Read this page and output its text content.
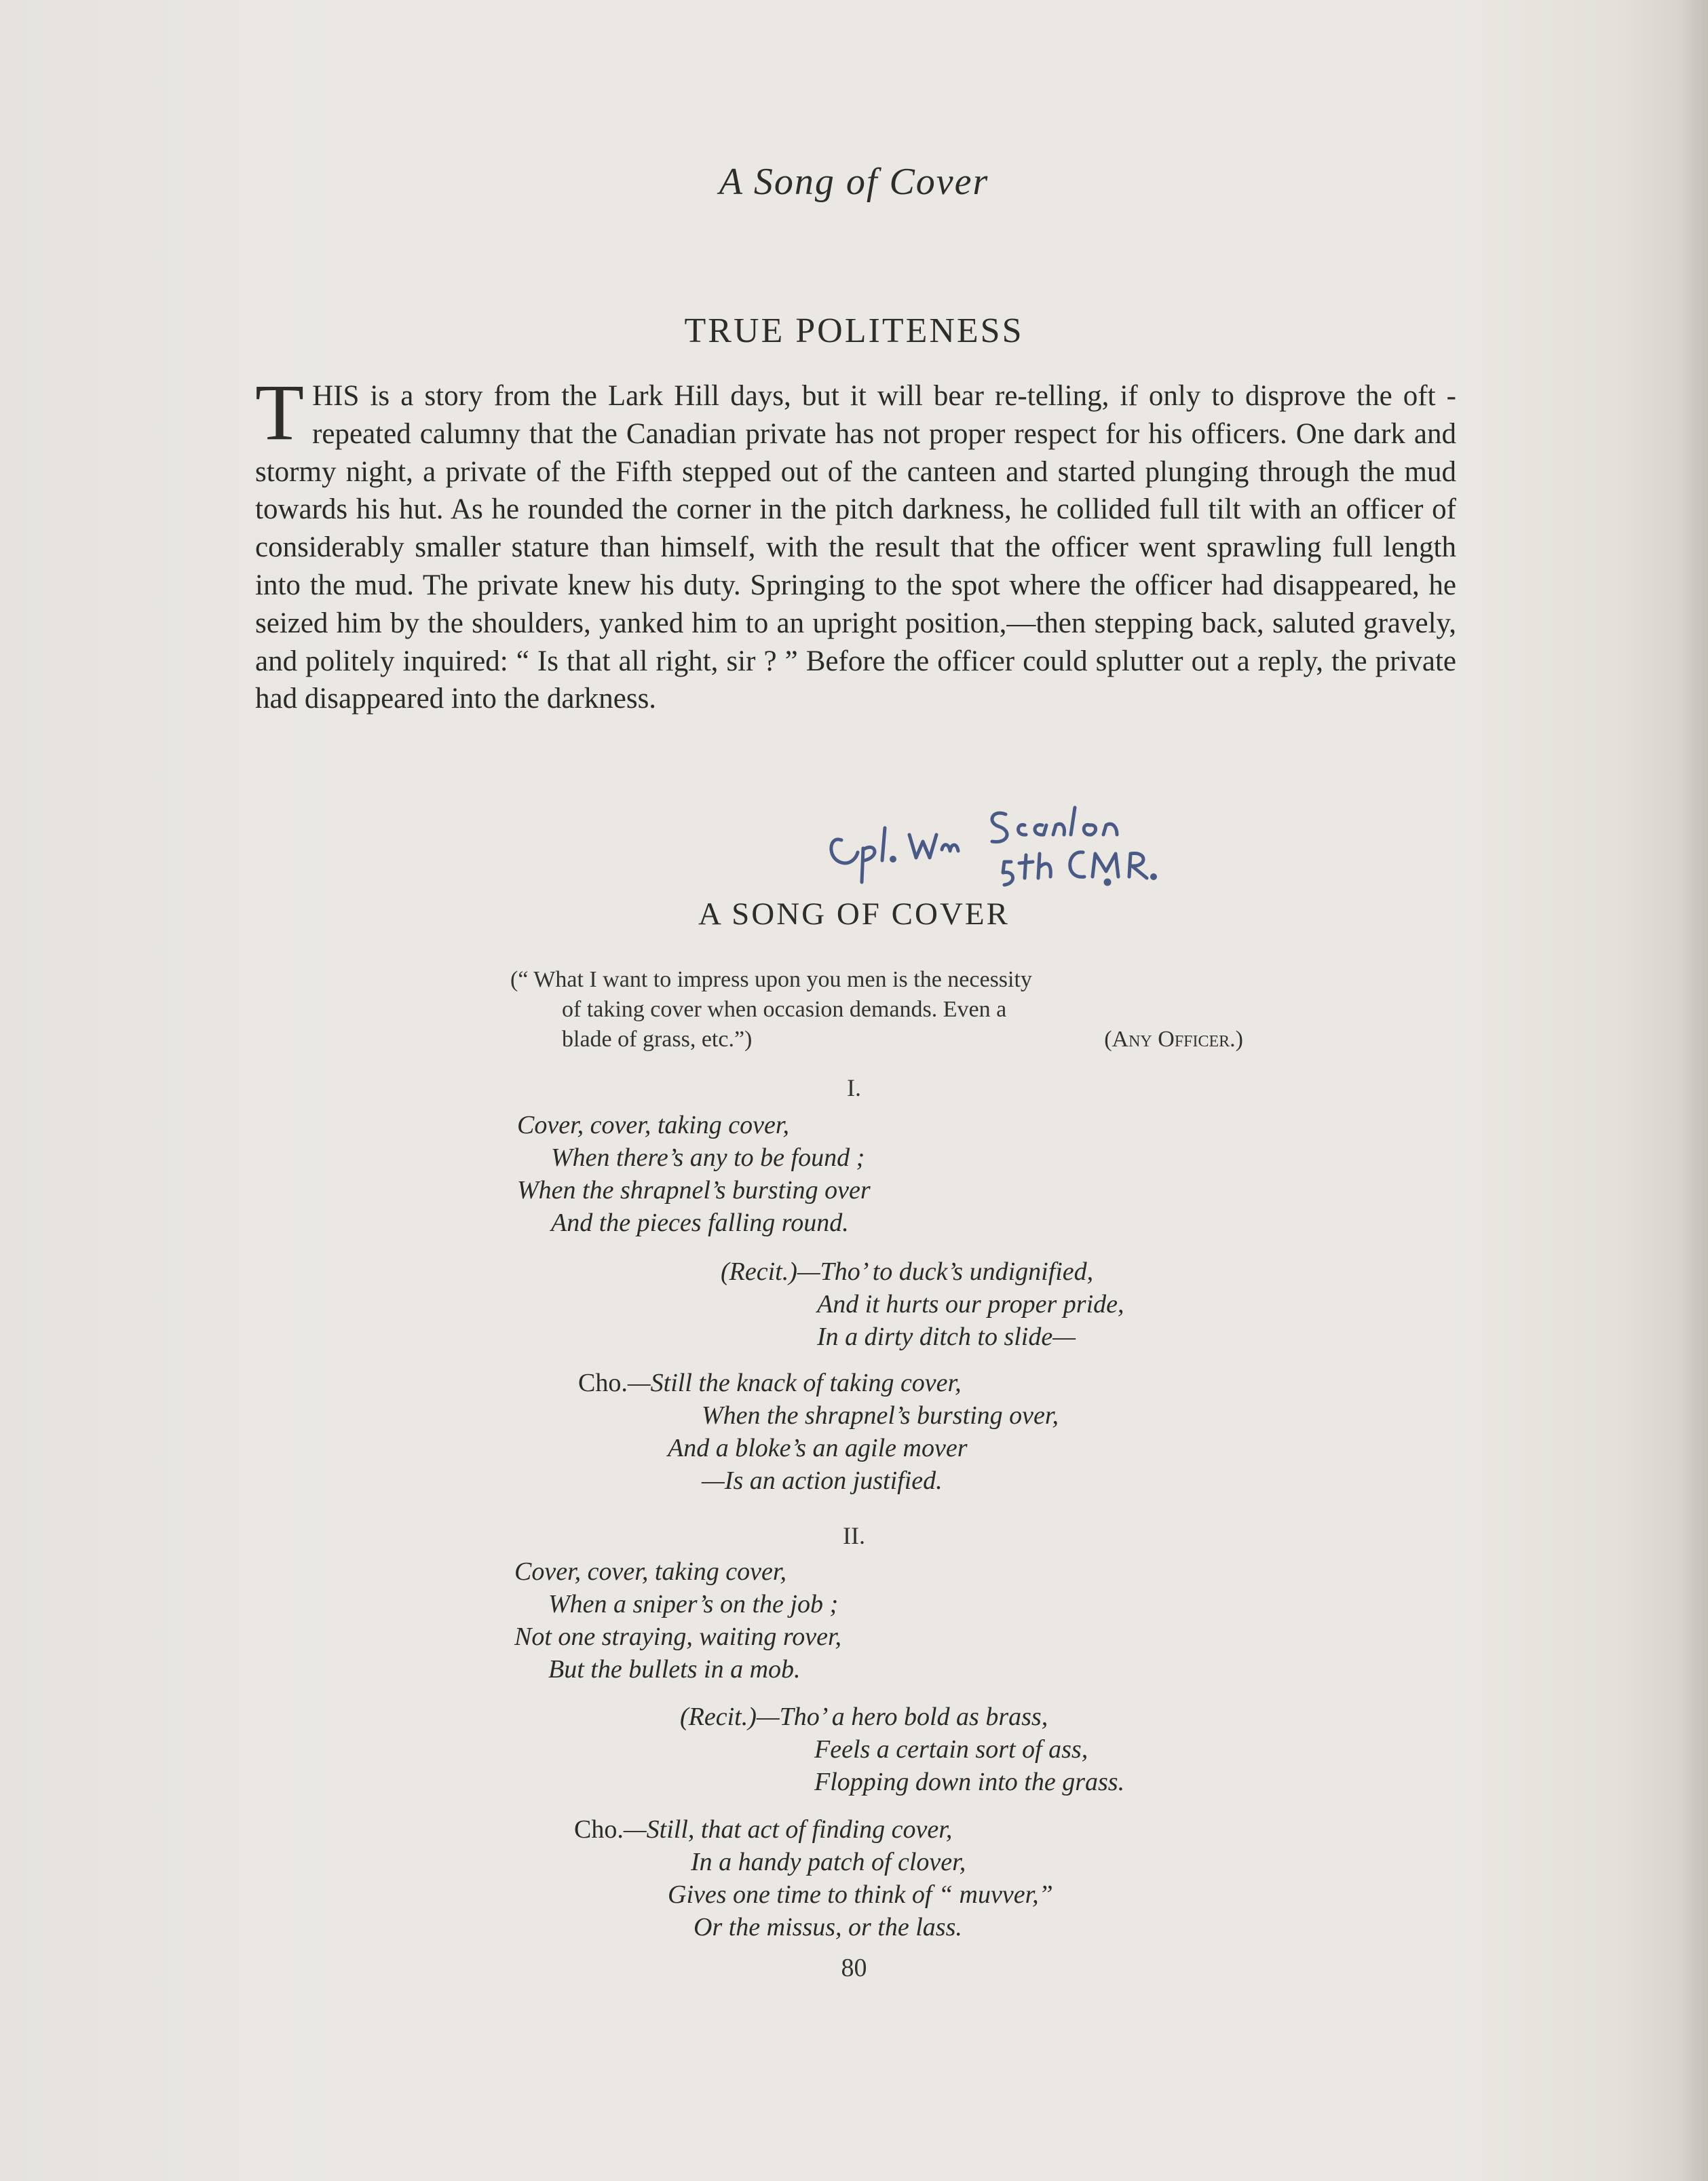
A Song of Cover
TRUE POLITENESS
THIS is a story from the Lark Hill days, but it will bear re-telling, if only to disprove the oft - repeated calumny that the Canadian private has not proper respect for his officers. One dark and stormy night, a private of the Fifth stepped out of the canteen and started plunging through the mud towards his hut. As he rounded the corner in the pitch darkness, he collided full tilt with an officer of considerably smaller stature than himself, with the result that the officer went sprawling full length into the mud. The private knew his duty. Springing to the spot where the officer had disappeared, he seized him by the shoulders, yanked him to an upright position,—then stepping back, saluted gravely, and politely inquired: “ Is that all right, sir ? ” Before the officer could splutter out a reply, the private had disappeared into the darkness.
A SONG OF COVER
(“ What I want to impress upon you men is the necessity
of taking cover when occasion demands. Even a
blade of grass, etc.”)	(Any Officer.)
I.
Cover, cover, taking cover,
When there’s any to be found ;
When the shrapnel’s bursting over
And the pieces falling round.
(Recit.)—Tho’ to duck’s undignified,
And it hurts our proper pride,
In a dirty ditch to slide—
Cho.—Still the knack of taking cover,
When the shrapnel’s bursting over,
And a bloke’s an agile mover
—Is an action justified.
II.
Cover, cover, taking cover,
When a sniper’s on the job ;
Not one straying, waiting rover,
But the bullets in a mob.
(Recit.)—Tho’ a hero bold as brass,
Feels a certain sort of ass,
Flopping down into the grass.
Cho.—Still, that act of finding cover,
In a handy patch of clover,
Gives one time to think of “ muvver,”
Or the missus, or the lass.
80
